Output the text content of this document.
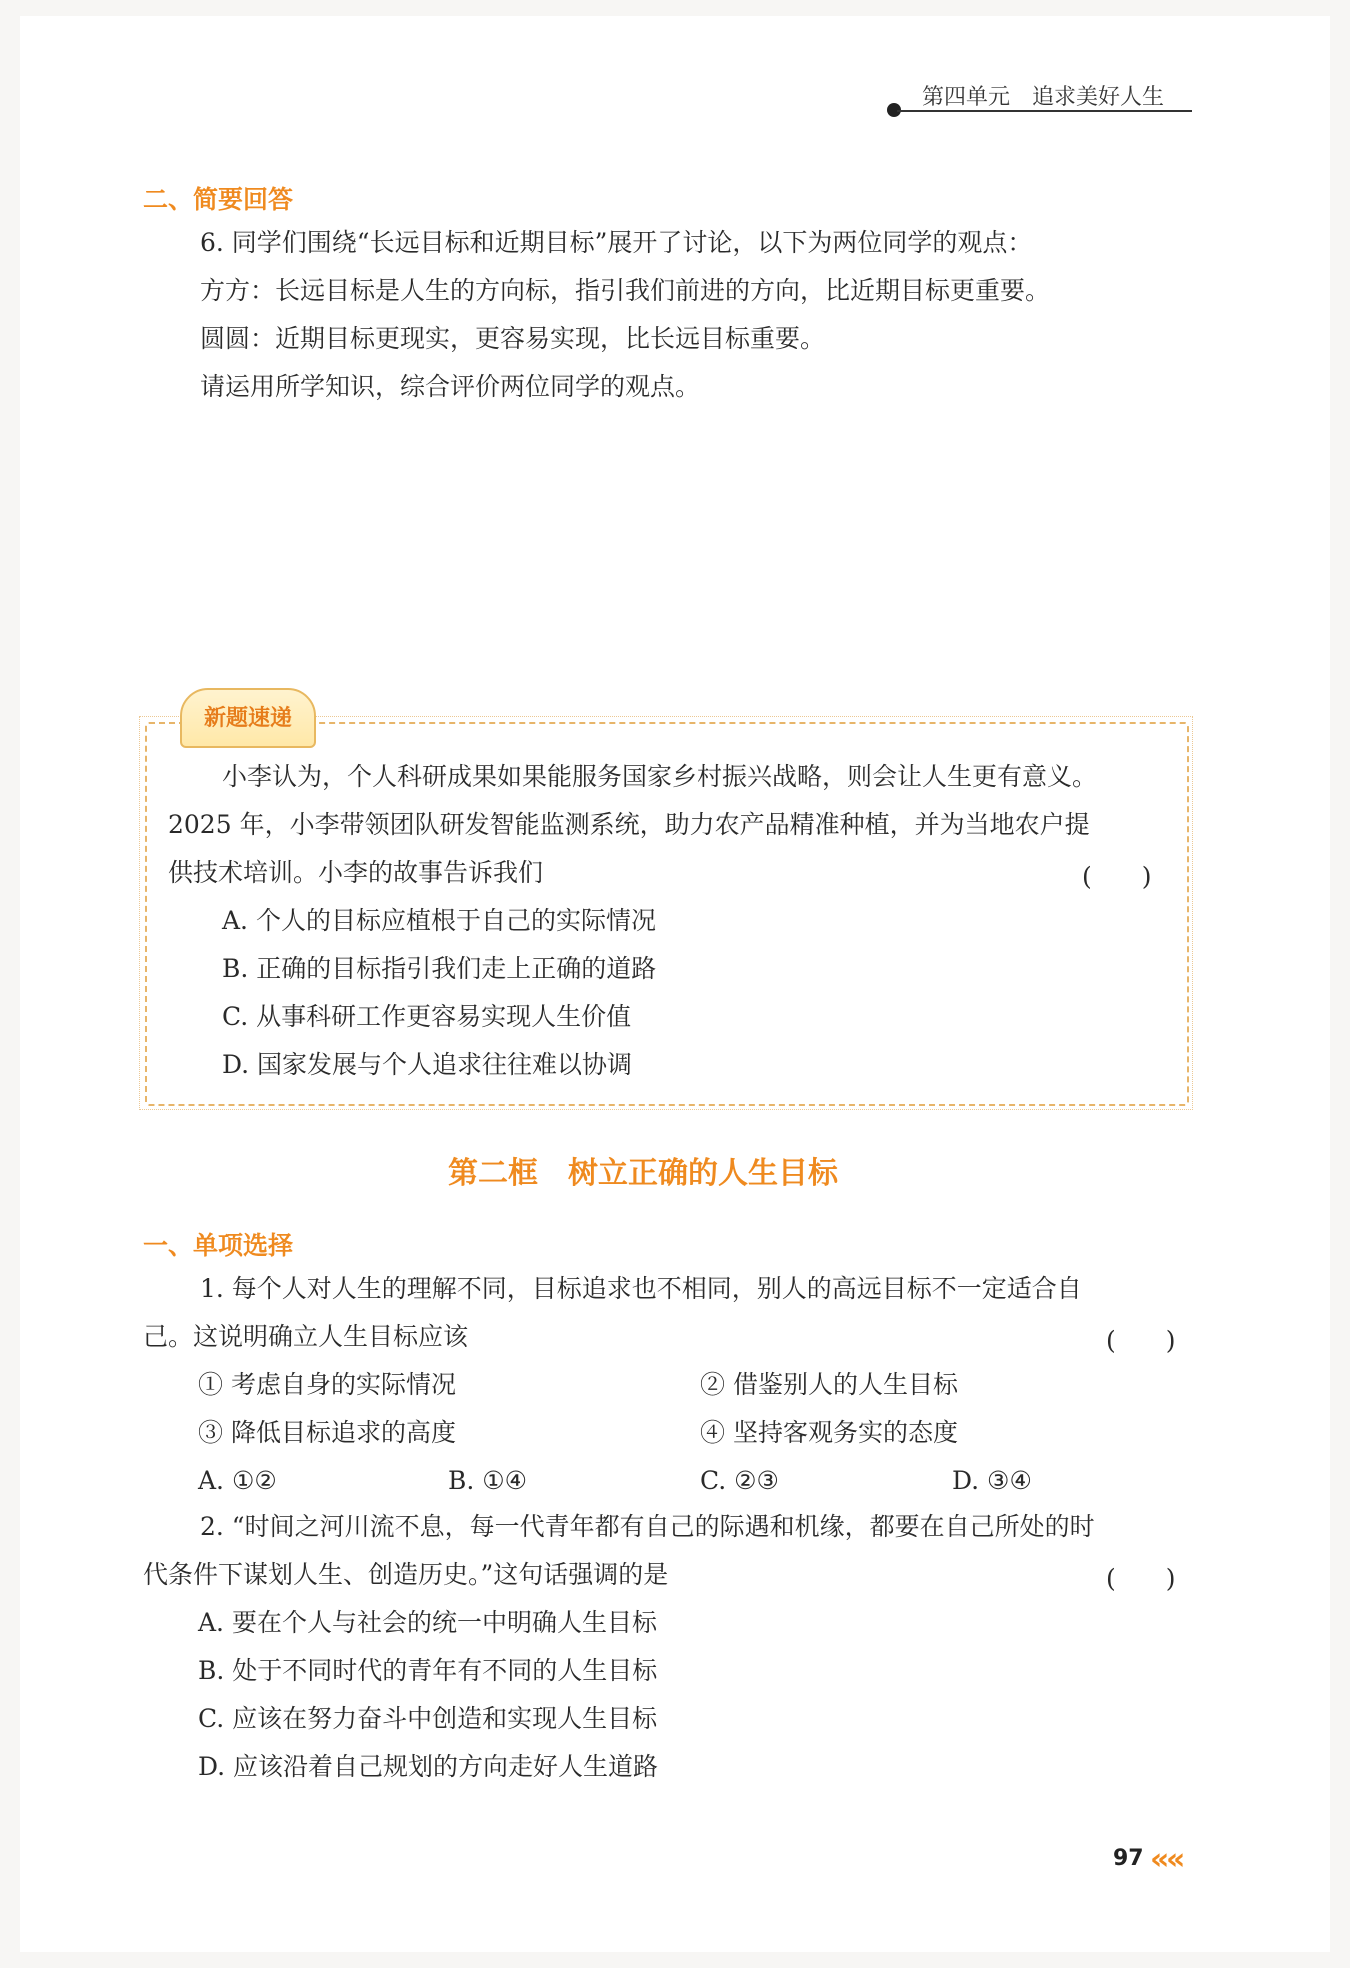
第四单元　追求美好人生
二、简要回答
6. 同学们围绕“长远目标和近期目标”展开了讨论，以下为两位同学的观点：
方方：长远目标是人生的方向标，指引我们前进的方向，比近期目标更重要。
圆圆：近期目标更现实，更容易实现，比长远目标重要。
请运用所学知识，综合评价两位同学的观点。
新题速递
小李认为，个人科研成果如果能服务国家乡村振兴战略，则会让人生更有意义。
2025 年，小李带领团队研发智能监测系统，助力农产品精准种植，并为当地农户提
供技术培训。小李的故事告诉我们	(　　)
A. 个人的目标应植根于自己的实际情况
B. 正确的目标指引我们走上正确的道路
C. 从事科研工作更容易实现人生价值
D. 国家发展与个人追求往往难以协调
第二框　树立正确的人生目标
一、单项选择
1. 每个人对人生的理解不同，目标追求也不相同，别人的高远目标不一定适合自
己。这说明确立人生目标应该	(　　)
① 考虑自身的实际情况	② 借鉴别人的人生目标
③ 降低目标追求的高度	④ 坚持客观务实的态度
A. ①②	B. ①④	C. ②③	D. ③④
2. “时间之河川流不息，每一代青年都有自己的际遇和机缘，都要在自己所处的时
代条件下谋划人生、创造历史。”这句话强调的是	(　　)
A. 要在个人与社会的统一中明确人生目标
B. 处于不同时代的青年有不同的人生目标
C. 应该在努力奋斗中创造和实现人生目标
D. 应该沿着自己规划的方向走好人生道路
97 «
«
